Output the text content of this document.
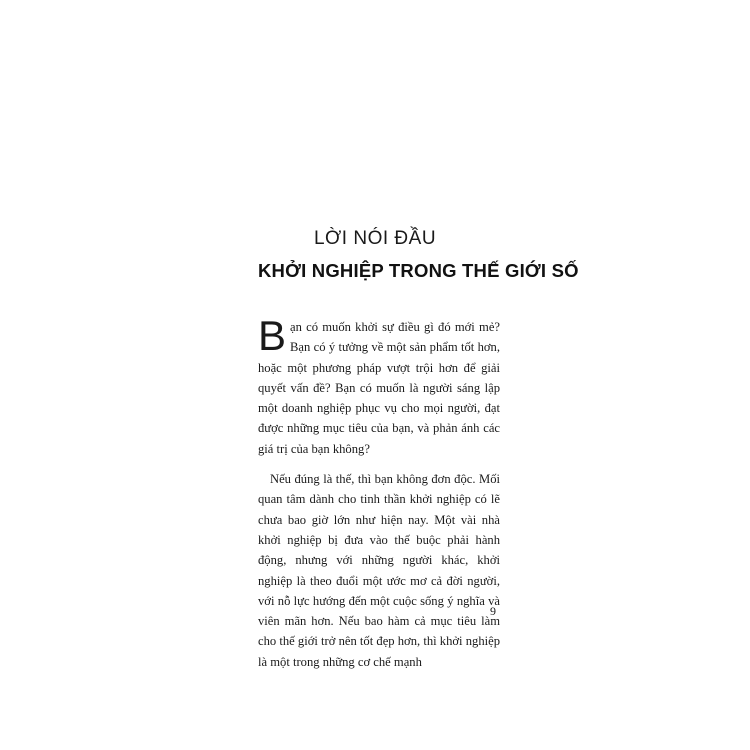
LỜI NÓI ĐẦU
KHỞI NGHIỆP TRONG THẾ GIỚI SỐ

Bạn có muốn khởi sự điều gì đó mới mẻ? Bạn có ý tưởng về một sản phẩm tốt hơn, hoặc một phương pháp vượt trội hơn để giải quyết vấn đề? Bạn có muốn là người sáng lập một doanh nghiệp phục vụ cho mọi người, đạt được những mục tiêu của bạn, và phản ánh các giá trị của bạn không?

Nếu đúng là thế, thì bạn không đơn độc. Mối quan tâm dành cho tinh thần khởi nghiệp có lẽ chưa bao giờ lớn như hiện nay. Một vài nhà khởi nghiệp bị đưa vào thế buộc phải hành động, nhưng với những người khác, khởi nghiệp là theo đuổi một ước mơ cả đời người, với nỗ lực hướng đến một cuộc sống ý nghĩa và viên mãn hơn. Nếu bao hàm cả mục tiêu làm cho thế giới trở nên tốt đẹp hơn, thì khởi nghiệp là một trong những cơ chế mạnh

9
